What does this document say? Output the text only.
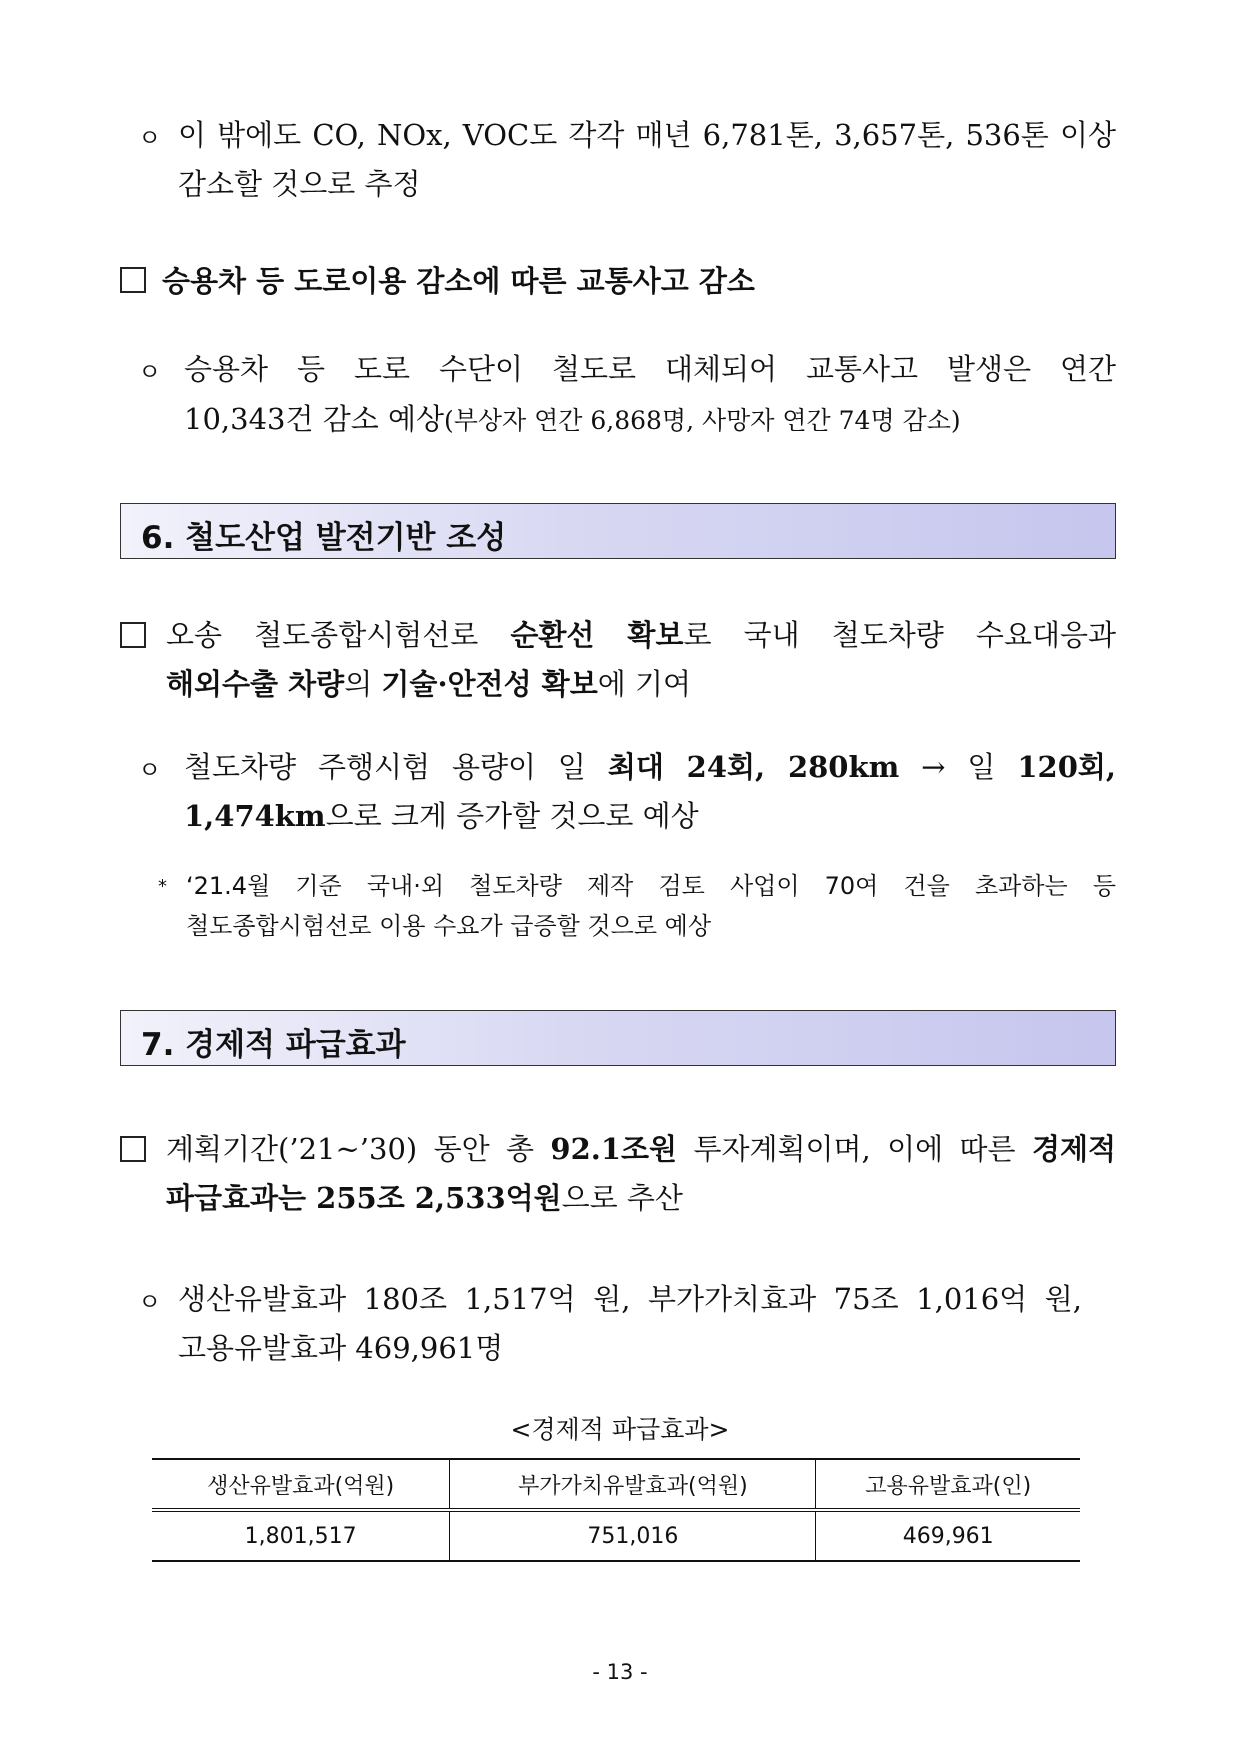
ㅇ 이 밖에도 CO, NOx, VOC도 각각 매년 6,781톤, 3,657톤, 536톤 이상
감소할 것으로 추정
승용차 등 도로이용 감소에 따른 교통사고 감소
ㅇ 승용차 등 도로 수단이 철도로 대체되어 교통사고 발생은 연간
10,343건 감소 예상(부상자 연간 6,868명, 사망자 연간 74명 감소)
6. 철도산업 발전기반 조성
오송 철도종합시험선로 순환선 확보로 국내 철도차량 수요대응과
해외수출 차량의 기술·안전성 확보에 기여
ㅇ 철도차량 주행시험 용량이 일 최대 24회, 280km → 일 120회,
1,474km으로 크게 증가할 것으로 예상
* ‘21.4월 기준 국내·외 철도차량 제작 검토 사업이 70여 건을 초과하는 등
철도종합시험선로 이용 수요가 급증할 것으로 예상
7. 경제적 파급효과
계획기간(’21~’30) 동안 총 92.1조원 투자계획이며, 이에 따른 경제적
파급효과는 255조 2,533억원으로 추산
ㅇ 생산유발효과 180조 1,517억 원, 부가가치효과 75조 1,016억 원,
고용유발효과 469,961명
<경제적 파급효과>
생산유발효과(억원)	부가가치유발효과(억원)	고용유발효과(인)
1,801,517	751,016	469,961
- 13 -
